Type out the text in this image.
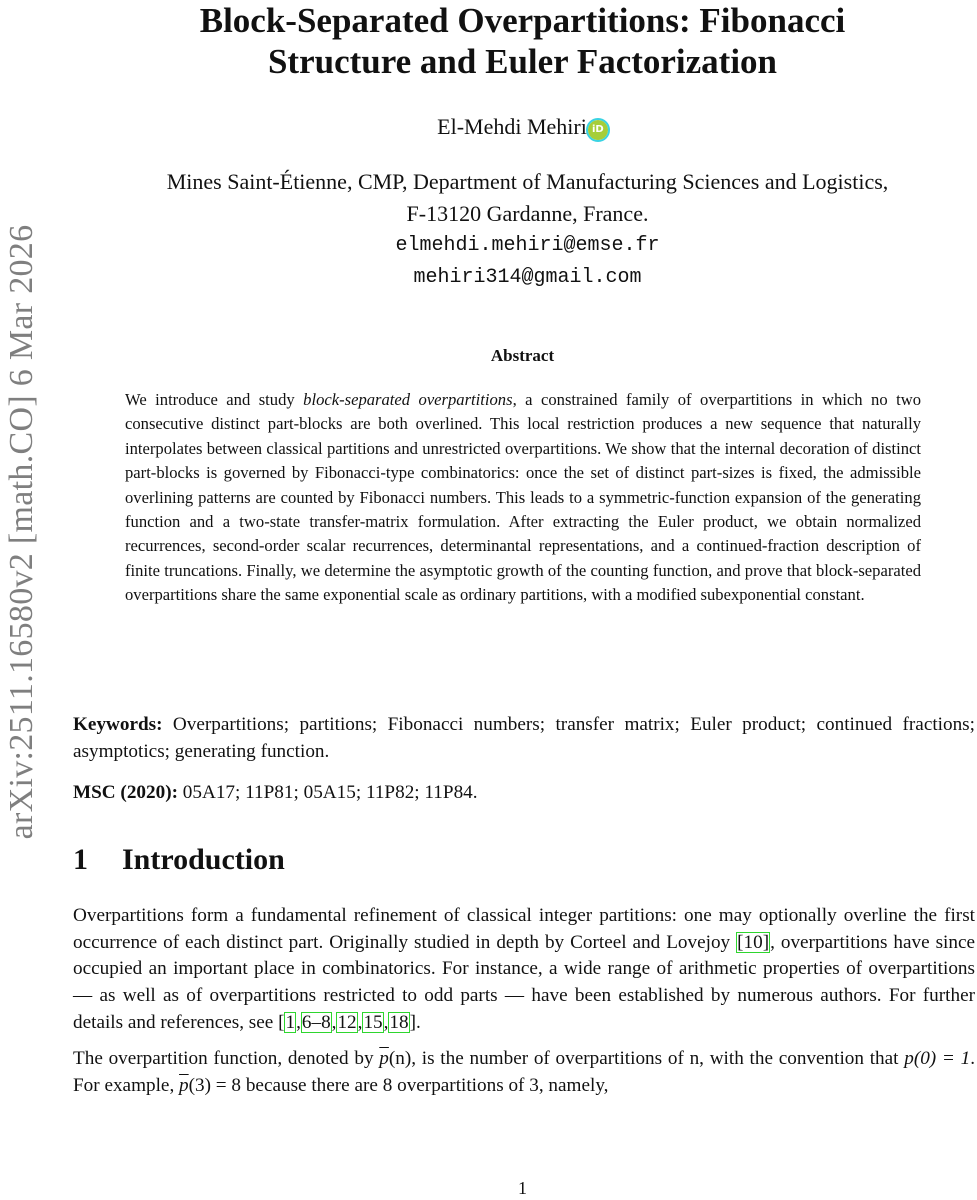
arXiv:2511.16580v2 [math.CO] 6 Mar 2026
Block-Separated Overpartitions: Fibonacci
Structure and Euler Factorization
El-Mehdi Mehiri iD
Mines Saint-Étienne, CMP, Department of Manufacturing Sciences and Logistics,
F-13120 Gardanne, France.
elmehdi.mehiri@emse.fr
mehiri314@gmail.com
Abstract

We introduce and study block-separated overpartitions, a constrained family of overpartitions in which no two consecutive distinct part-blocks are both overlined. This local restriction produces a new sequence that naturally interpolates between classical partitions and unrestricted overpartitions. We show that the internal decoration of distinct part-blocks is governed by Fibonacci-type combinatorics: once the set of distinct part-sizes is fixed, the admissible overlining patterns are counted by Fibonacci numbers. This leads to a symmetric-function expansion of the generating function and a two-state transfer-matrix formulation. After extracting the Euler product, we obtain normalized recurrences, second-order scalar recurrences, determinantal representations, and a continued-fraction description of finite truncations. Finally, we determine the asymptotic growth of the counting function, and prove that block-separated overpartitions share the same exponential scale as ordinary partitions, with a modified subexponential constant.

Keywords: Overpartitions; partitions; Fibonacci numbers; transfer matrix; Euler product; continued fractions; asymptotics; generating function.

MSC (2020): 05A17; 11P81; 05A15; 11P82; 11P84.

1 Introduction

Overpartitions form a fundamental refinement of classical integer partitions: one may optionally overline the first occurrence of each distinct part. Originally studied in depth by Corteel and Lovejoy [10], overpartitions have since occupied an important place in combinatorics. For instance, a wide range of arithmetic properties of overpartitions — as well as of overpartitions restricted to odd parts — have been established by numerous authors. For further details and references, see [1,6–8,12,15,18].

The overpartition function, denoted by $\overline{p}(n)$, is the number of overpartitions of n, with the convention that p(0) = 1. For example, $\overline{p}(3) = 8$ because there are 8 overpartitions of 3, namely,

1
